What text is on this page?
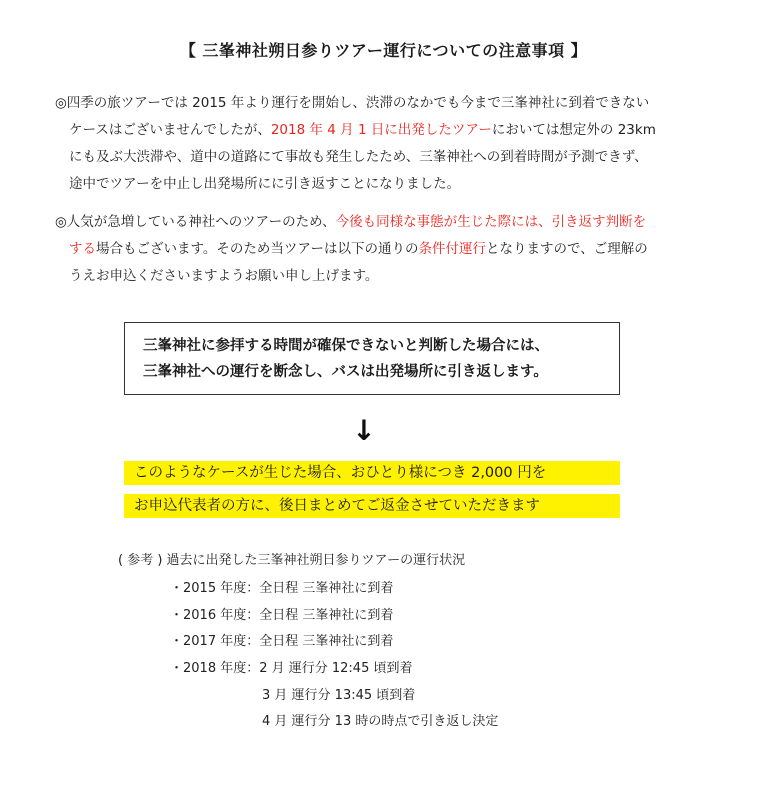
【 三峯神社朔日参りツアー運行についての注意事項 】
◎四季の旅ツアーでは 2015 年より運行を開始し、渋滞のなかでも今まで三峯神社に到着できない
ケースはございませんでしたが、2018 年 4 月 1 日に出発したツアーにおいては想定外の 23km
にも及ぶ大渋滞や、道中の道路にて事故も発生したため、三峯神社への到着時間が予測できず、
途中でツアーを中止し出発場所にに引き返すことになりました。
◎人気が急増している神社へのツアーのため、今後も同様な事態が生じた際には、引き返す判断を
する場合もございます。そのため当ツアーは以下の通りの条件付運行となりますので、ご理解の
うえお申込くださいますようお願い申し上げます。
三峯神社に参拝する時間が確保できないと判断した場合には、
三峯神社への運行を断念し、バスは出発場所に引き返します。
↓
このようなケースが生じた場合、おひとり様につき 2,000 円を
お申込代表者の方に、後日まとめてご返金させていただきます
( 参考 ) 過去に出発した三峯神社朔日参りツアーの運行状況
・2015 年度：全日程 三峯神社に到着
・2016 年度：全日程 三峯神社に到着
・2017 年度：全日程 三峯神社に到着
・2018 年度：2 月 運行分 12:45 頃到着
3 月 運行分 13:45 頃到着
4 月 運行分 13 時の時点で引き返し決定
